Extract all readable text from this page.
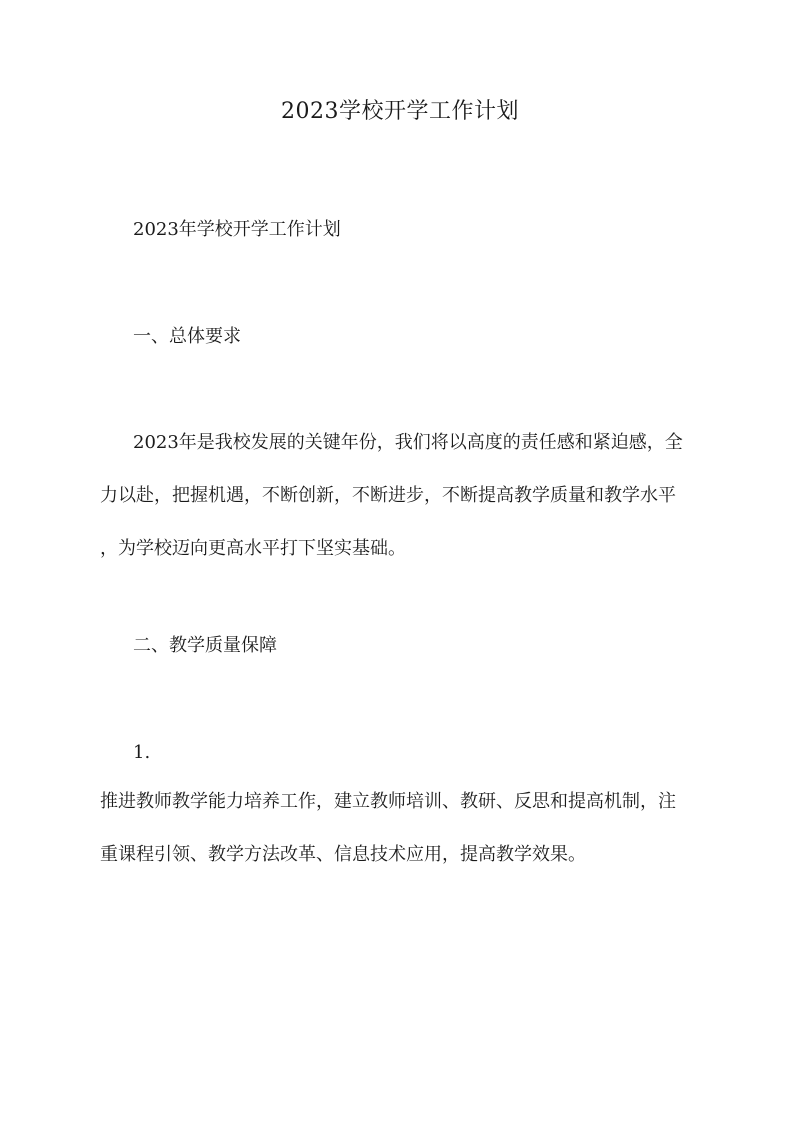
2023学校开学工作计划

2023年学校开学工作计划

一、总体要求

2023年是我校发展的关键年份，我们将以高度的责任感和紧迫感，全
力以赴，把握机遇，不断创新，不断进步，不断提高教学质量和教学水平
，为学校迈向更高水平打下坚实基础。

二、教学质量保障

1.

推进教师教学能力培养工作，建立教师培训、教研、反思和提高机制，注
重课程引领、教学方法改革、信息技术应用，提高教学效果。
